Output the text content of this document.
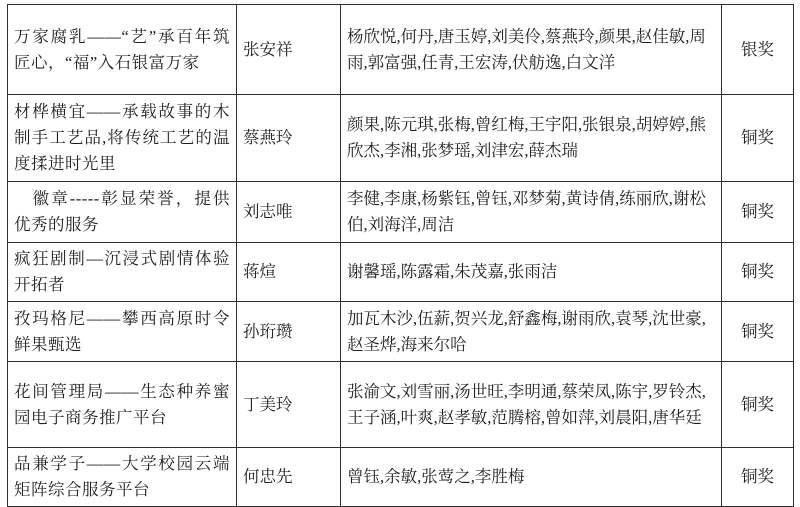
万家腐乳——“艺”承百年筑匠心，“福”入石银富万家	张安祥	杨欣悦,何丹,唐玉婷,刘美伶,蔡燕玲,颜果,赵佳敏,周雨,郭富强,任青,王宏涛,伏舫逸,白文洋	银奖
材桦横宜——承载故事的木制手工艺品,将传统工艺的温度揉进时光里	蔡燕玲	颜果,陈元琪,张梅,曾红梅,王宇阳,张银泉,胡婷婷,熊欣杰,李湘,张梦瑶,刘津宏,薛杰瑞	铜奖
　徽章-----彰显荣誉，提供优秀的服务	刘志唯	李健,李康,杨紫钰,曾钰,邓梦菊,黄诗倩,练丽欣,谢松伯,刘海洋,周洁	铜奖
疯狂剧制—沉浸式剧情体验开拓者	蒋煊	谢馨瑶,陈露霜,朱茂嘉,张雨洁	铜奖
孜玛格尼——攀西高原时令鲜果甄选	孙珩瓒	加瓦木沙,伍薪,贺兴龙,舒鑫梅,谢雨欣,袁琴,沈世豪,赵圣烨,海来尔哈	铜奖
花间管理局——生态种养蜜园电子商务推广平台	丁美玲	张渝文,刘雪丽,汤世旺,李明通,蔡荣凤,陈宇,罗铃杰,王子涵,叶爽,赵孝敏,范腾榕,曾如萍,刘晨阳,唐华廷	铜奖
品兼学子——大学校园云端矩阵综合服务平台	何忠先	曾钰,余敏,张莺之,李胜梅	铜奖
